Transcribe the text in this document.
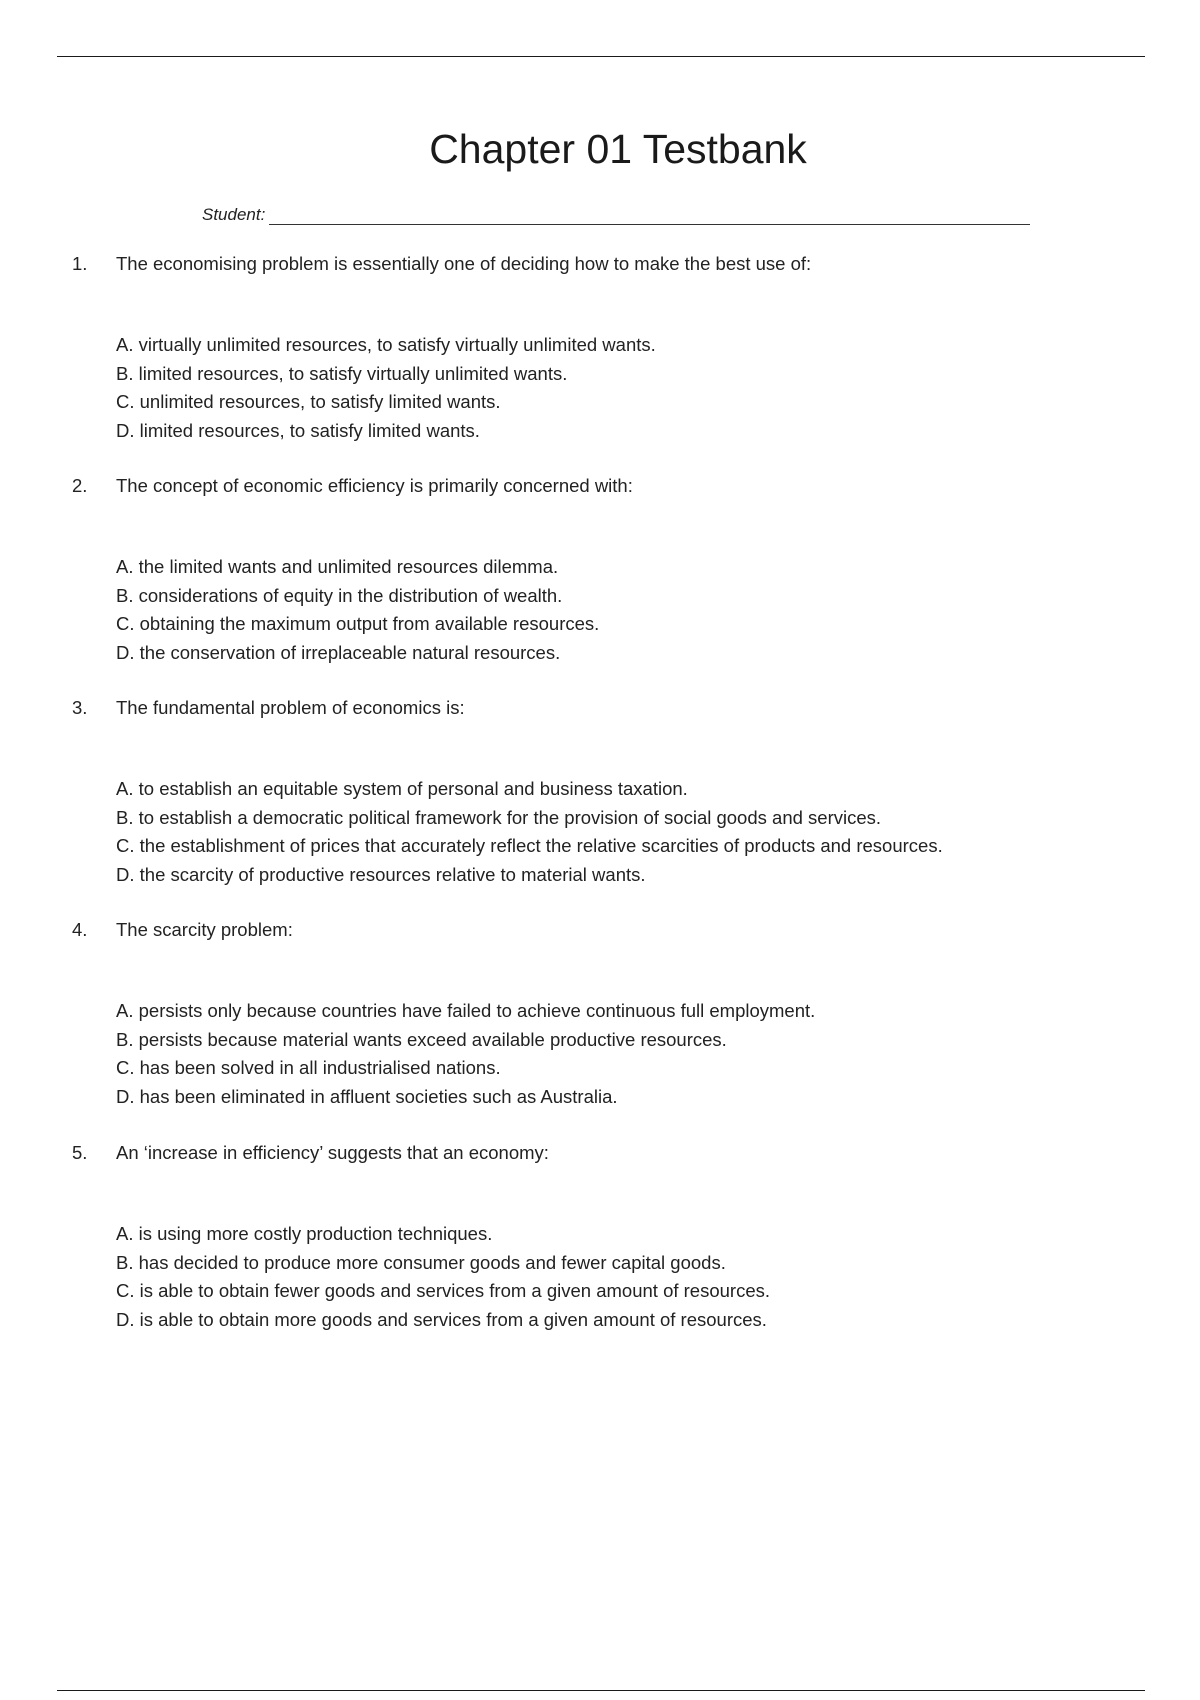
Chapter 01 Testbank
Student:
1.	The economising problem is essentially one of deciding how to make the best use of:
A. virtually unlimited resources, to satisfy virtually unlimited wants.
B. limited resources, to satisfy virtually unlimited wants.
C. unlimited resources, to satisfy limited wants.
D. limited resources, to satisfy limited wants.
2.	The concept of economic efficiency is primarily concerned with:
A. the limited wants and unlimited resources dilemma.
B. considerations of equity in the distribution of wealth.
C. obtaining the maximum output from available resources.
D. the conservation of irreplaceable natural resources.
3.	The fundamental problem of economics is:
A. to establish an equitable system of personal and business taxation.
B. to establish a democratic political framework for the provision of social goods and services.
C. the establishment of prices that accurately reflect the relative scarcities of products and resources.
D. the scarcity of productive resources relative to material wants.
4.	The scarcity problem:
A. persists only because countries have failed to achieve continuous full employment.
B. persists because material wants exceed available productive resources.
C. has been solved in all industrialised nations.
D. has been eliminated in affluent societies such as Australia.
5.	An ‘increase in efficiency’ suggests that an economy:
A. is using more costly production techniques.
B. has decided to produce more consumer goods and fewer capital goods.
C. is able to obtain fewer goods and services from a given amount of resources.
D. is able to obtain more goods and services from a given amount of resources.
